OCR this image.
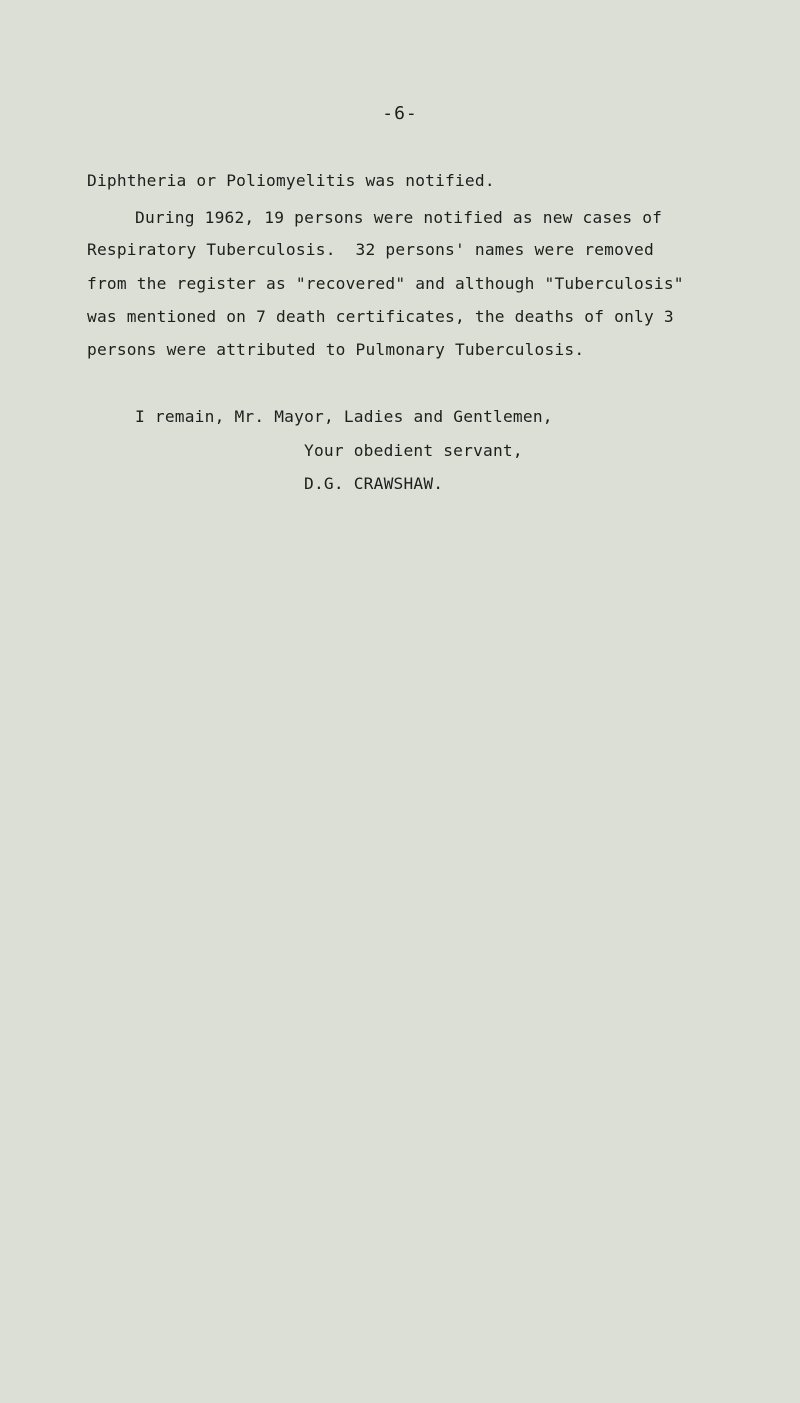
-6-
Diphtheria or Poliomyelitis was notified.
During 1962, 19 persons were notified as new cases of
Respiratory Tuberculosis.  32 persons' names were removed
from the register as "recovered" and although "Tuberculosis"
was mentioned on 7 death certificates, the deaths of only 3
persons were attributed to Pulmonary Tuberculosis.
I remain, Mr. Mayor, Ladies and Gentlemen,
Your obedient servant,
D.G. CRAWSHAW.
